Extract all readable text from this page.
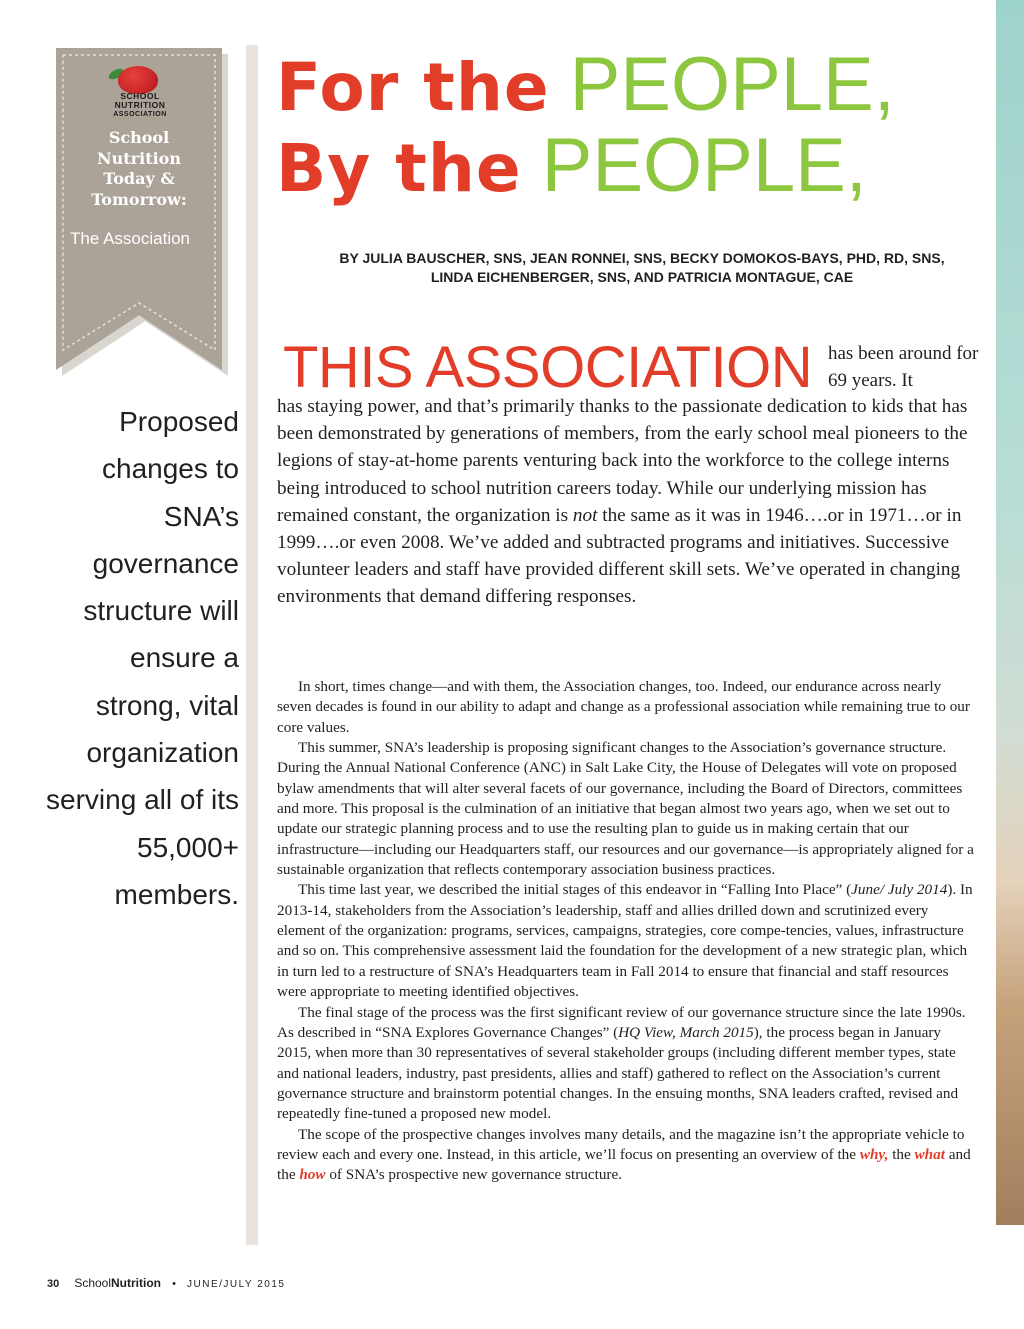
SCHOOL
NUTRITION
ASSOCIATION
School
Nutrition
Today &
Tomorrow:
The Association
Proposed changes to SNA’s governance structure will ensure a strong, vital organization serving all of its 55,000+ members.
For the PEOPLE,
By the PEOPLE,
BY JULIA BAUSCHER, SNS, JEAN RONNEI, SNS, BECKY DOMOKOS-BAYS, PHD, RD, SNS,
LINDA EICHENBERGER, SNS, AND PATRICIA MONTAGUE, CAE
THIS ASSOCIATION has been around for 69 years. It

has staying power, and that’s primarily thanks to the passionate dedication to kids that has been demonstrated by generations of members, from the early school meal pioneers to the legions of stay-at-home parents venturing back into the workforce to the college interns being introduced to school nutrition careers today. While our underlying mission has remained constant, the organization is not the same as it was in 1946….or in 1971…or in 1999….or even 2008. We’ve added and subtracted programs and initiatives. Successive volunteer leaders and staff have provided different skill sets. We’ve operated in changing environments that demand differing responses.

In short, times change—and with them, the Association changes, too. Indeed, our endurance across nearly seven decades is found in our ability to adapt and change as a professional association while remaining true to our core values.

This summer, SNA’s leadership is proposing significant changes to the Association’s governance structure. During the Annual National Conference (ANC) in Salt Lake City, the House of Delegates will vote on proposed bylaw amendments that will alter several facets of our governance, including the Board of Directors, committees and more. This proposal is the culmination of an initiative that began almost two years ago, when we set out to update our strategic planning process and to use the resulting plan to guide us in making certain that our infrastructure—including our Headquarters staff, our resources and our governance—is appropriately aligned for a sustainable organization that reflects contemporary association business practices.

This time last year, we described the initial stages of this endeavor in “Falling Into Place” (June/ July 2014). In 2013-14, stakeholders from the Association’s leadership, staff and allies drilled down and scrutinized every element of the organization: programs, services, campaigns, strategies, core compe-tencies, values, infrastructure and so on. This comprehensive assessment laid the foundation for the development of a new strategic plan, which in turn led to a restructure of SNA’s Headquarters team in Fall 2014 to ensure that financial and staff resources were appropriate to meeting identified objectives.

The final stage of the process was the first significant review of our governance structure since the late 1990s. As described in “SNA Explores Governance Changes” (HQ View, March 2015), the process began in January 2015, when more than 30 representatives of several stakeholder groups (including different member types, state and national leaders, industry, past presidents, allies and staff) gathered to reflect on the Association’s current governance structure and brainstorm potential changes. In the ensuing months, SNA leaders crafted, revised and repeatedly fine-tuned a proposed new model.

The scope of the prospective changes involves many details, and the magazine isn’t the appropriate vehicle to review each and every one. Instead, in this article, we’ll focus on presenting an overview of the why, the what and the how of SNA’s prospective new governance structure.

30 SchoolNutrition • JUNE/JULY 2015
